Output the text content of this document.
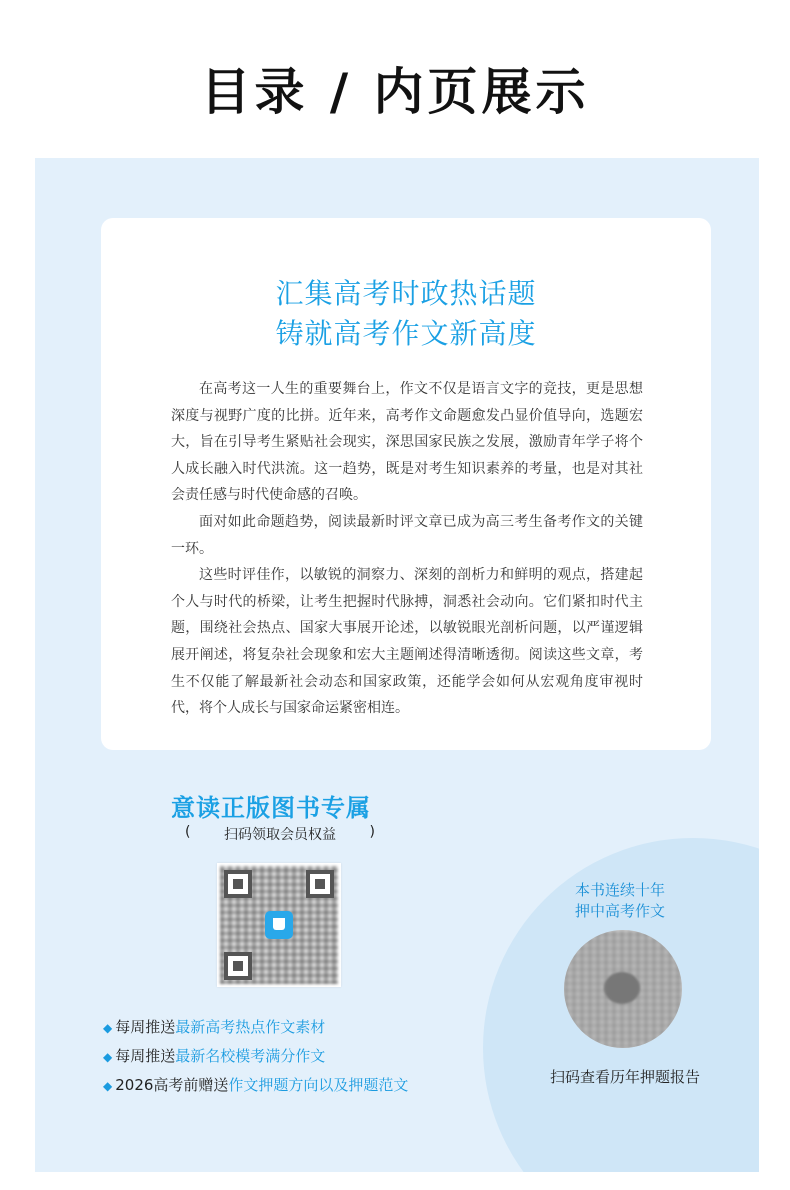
目录 / 内页展示
汇集高考时政热话题
铸就高考作文新高度

在高考这一人生的重要舞台上，作文不仅是语言文字的竞技，更是思想深度与视野广度的比拼。近年来，高考作文命题愈发凸显价值导向，选题宏大，旨在引导考生紧贴社会现实，深思国家民族之发展，激励青年学子将个人成长融入时代洪流。这一趋势，既是对考生知识素养的考量，也是对其社会责任感与时代使命感的召唤。

面对如此命题趋势，阅读最新时评文章已成为高三考生备考作文的关键一环。

这些时评佳作，以敏锐的洞察力、深刻的剖析力和鲜明的观点，搭建起个人与时代的桥梁，让考生把握时代脉搏，洞悉社会动向。它们紧扣时代主题，围绕社会热点、国家大事展开论述，以敏锐眼光剖析问题，以严谨逻辑展开阐述，将复杂社会现象和宏大主题阐述得清晰透彻。阅读这些文章，考生不仅能了解最新社会动态和国家政策，还能学会如何从宏观角度审视时代，将个人成长与国家命运紧密相连。

意读正版图书专属
( 扫码领取会员权益 )
◆ 每周推送最新高考热点作文素材
◆ 每周推送最新名校模考满分作文
◆ 2026高考前赠送作文押题方向以及押题范文
本书连续十年
押中高考作文
扫码查看历年押题报告
